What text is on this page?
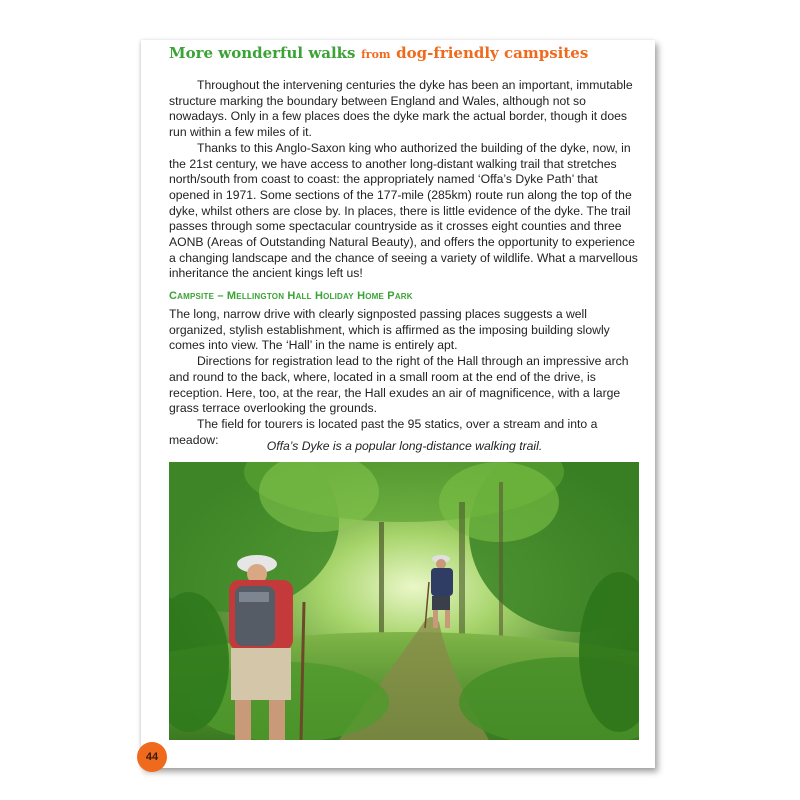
More wonderful walks from dog-friendly campsites

Throughout the intervening centuries the dyke has been an important, immutable structure marking the boundary between England and Wales, although not so nowadays. Only in a few places does the dyke mark the actual border, though it does run within a few miles of it.

Thanks to this Anglo-Saxon king who authorized the building of the dyke, now, in the 21st century, we have access to another long-distant walking trail that stretches north/south from coast to coast: the appropriately named ‘Offa’s Dyke Path’ that opened in 1971. Some sections of the 177-mile (285km) route run along the top of the dyke, whilst others are close by. In places, there is little evidence of the dyke. The trail passes through some spectacular countryside as it crosses eight counties and three AONB (Areas of Outstanding Natural Beauty), and offers the opportunity to experience a changing landscape and the chance of seeing a variety of wildlife. What a marvellous inheritance the ancient kings left us!

Campsite – Mellington Hall Holiday Home Park

The long, narrow drive with clearly signposted passing places suggests a well organized, stylish establishment, which is affirmed as the imposing building slowly comes into view. The ‘Hall’ in the name is entirely apt.

Directions for registration lead to the right of the Hall through an impressive arch and round to the back, where, located in a small room at the end of the drive, is reception. Here, too, at the rear, the Hall exudes an air of magnificence, with a large grass terrace overlooking the grounds.

The field for tourers is located past the 95 statics, over a stream and into a meadow:	Offa’s Dyke is a popular long-distance walking trail.
44
